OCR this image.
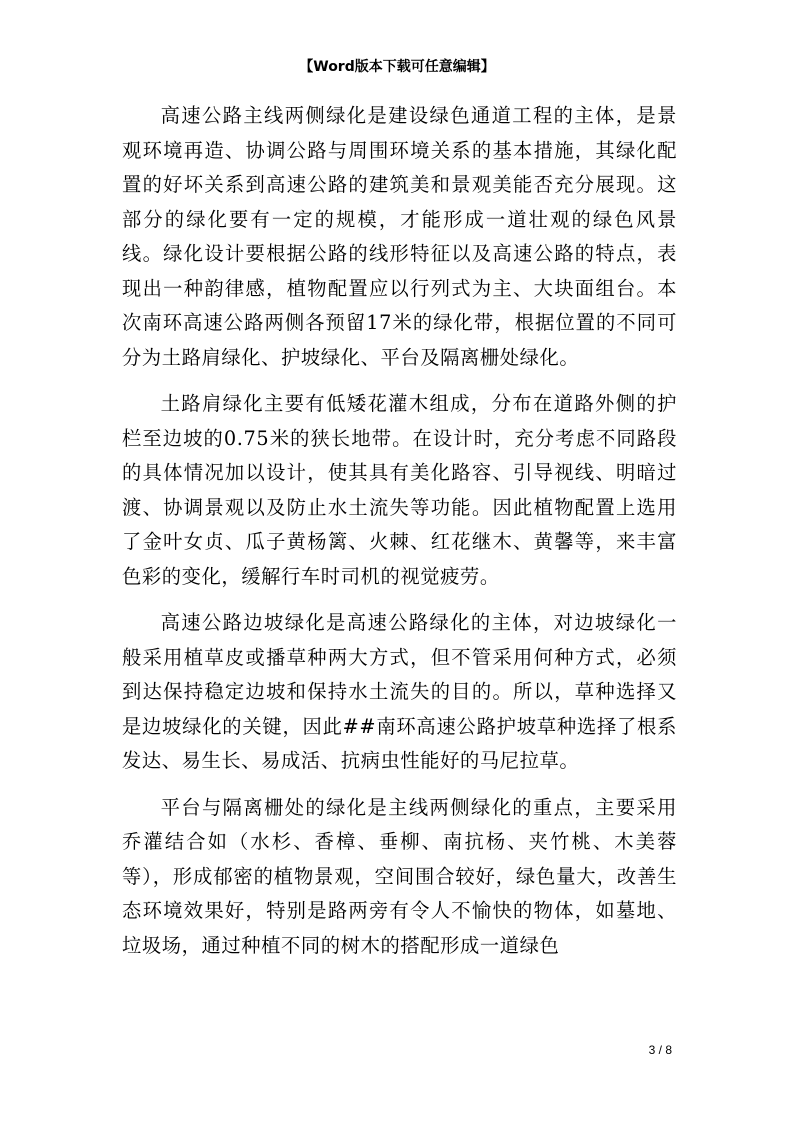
【Word版本下载可任意编辑】

高速公路主线两侧绿化是建设绿色通道工程的主体，是景观环境再造、协调公路与周围环境关系的基本措施，其绿化配置的好坏关系到高速公路的建筑美和景观美能否充分展现。这部分的绿化要有一定的规模，才能形成一道壮观的绿色风景线。绿化设计要根据公路的线形特征以及高速公路的特点，表现出一种韵律感，植物配置应以行列式为主、大块面组台。本次南环高速公路两侧各预留17米的绿化带，根据位置的不同可分为土路肩绿化、护坡绿化、平台及隔离栅处绿化。

土路肩绿化主要有低矮花灌木组成，分布在道路外侧的护栏至边坡的0.75米的狭长地带。在设计时，充分考虑不同路段的具体情况加以设计，使其具有美化路容、引导视线、明暗过渡、协调景观以及防止水土流失等功能。因此植物配置上选用了金叶女贞、瓜子黄杨篱、火棘、红花继木、黄馨等，来丰富色彩的变化，缓解行车时司机的视觉疲劳。

高速公路边坡绿化是高速公路绿化的主体，对边坡绿化一般采用植草皮或播草种两大方式，但不管采用何种方式，必须到达保持稳定边坡和保持水土流失的目的。所以，草种选择又是边坡绿化的关键，因此##南环高速公路护坡草种选择了根系发达、易生长、易成活、抗病虫性能好的马尼拉草。

平台与隔离栅处的绿化是主线两侧绿化的重点，主要采用乔灌结合如（水杉、香樟、垂柳、南抗杨、夹竹桃、木美蓉等），形成郁密的植物景观，空间围合较好，绿色量大，改善生态环境效果好，特别是路两旁有令人不愉快的物体，如墓地、垃圾场，通过种植不同的树木的搭配形成一道绿色

3 / 8
